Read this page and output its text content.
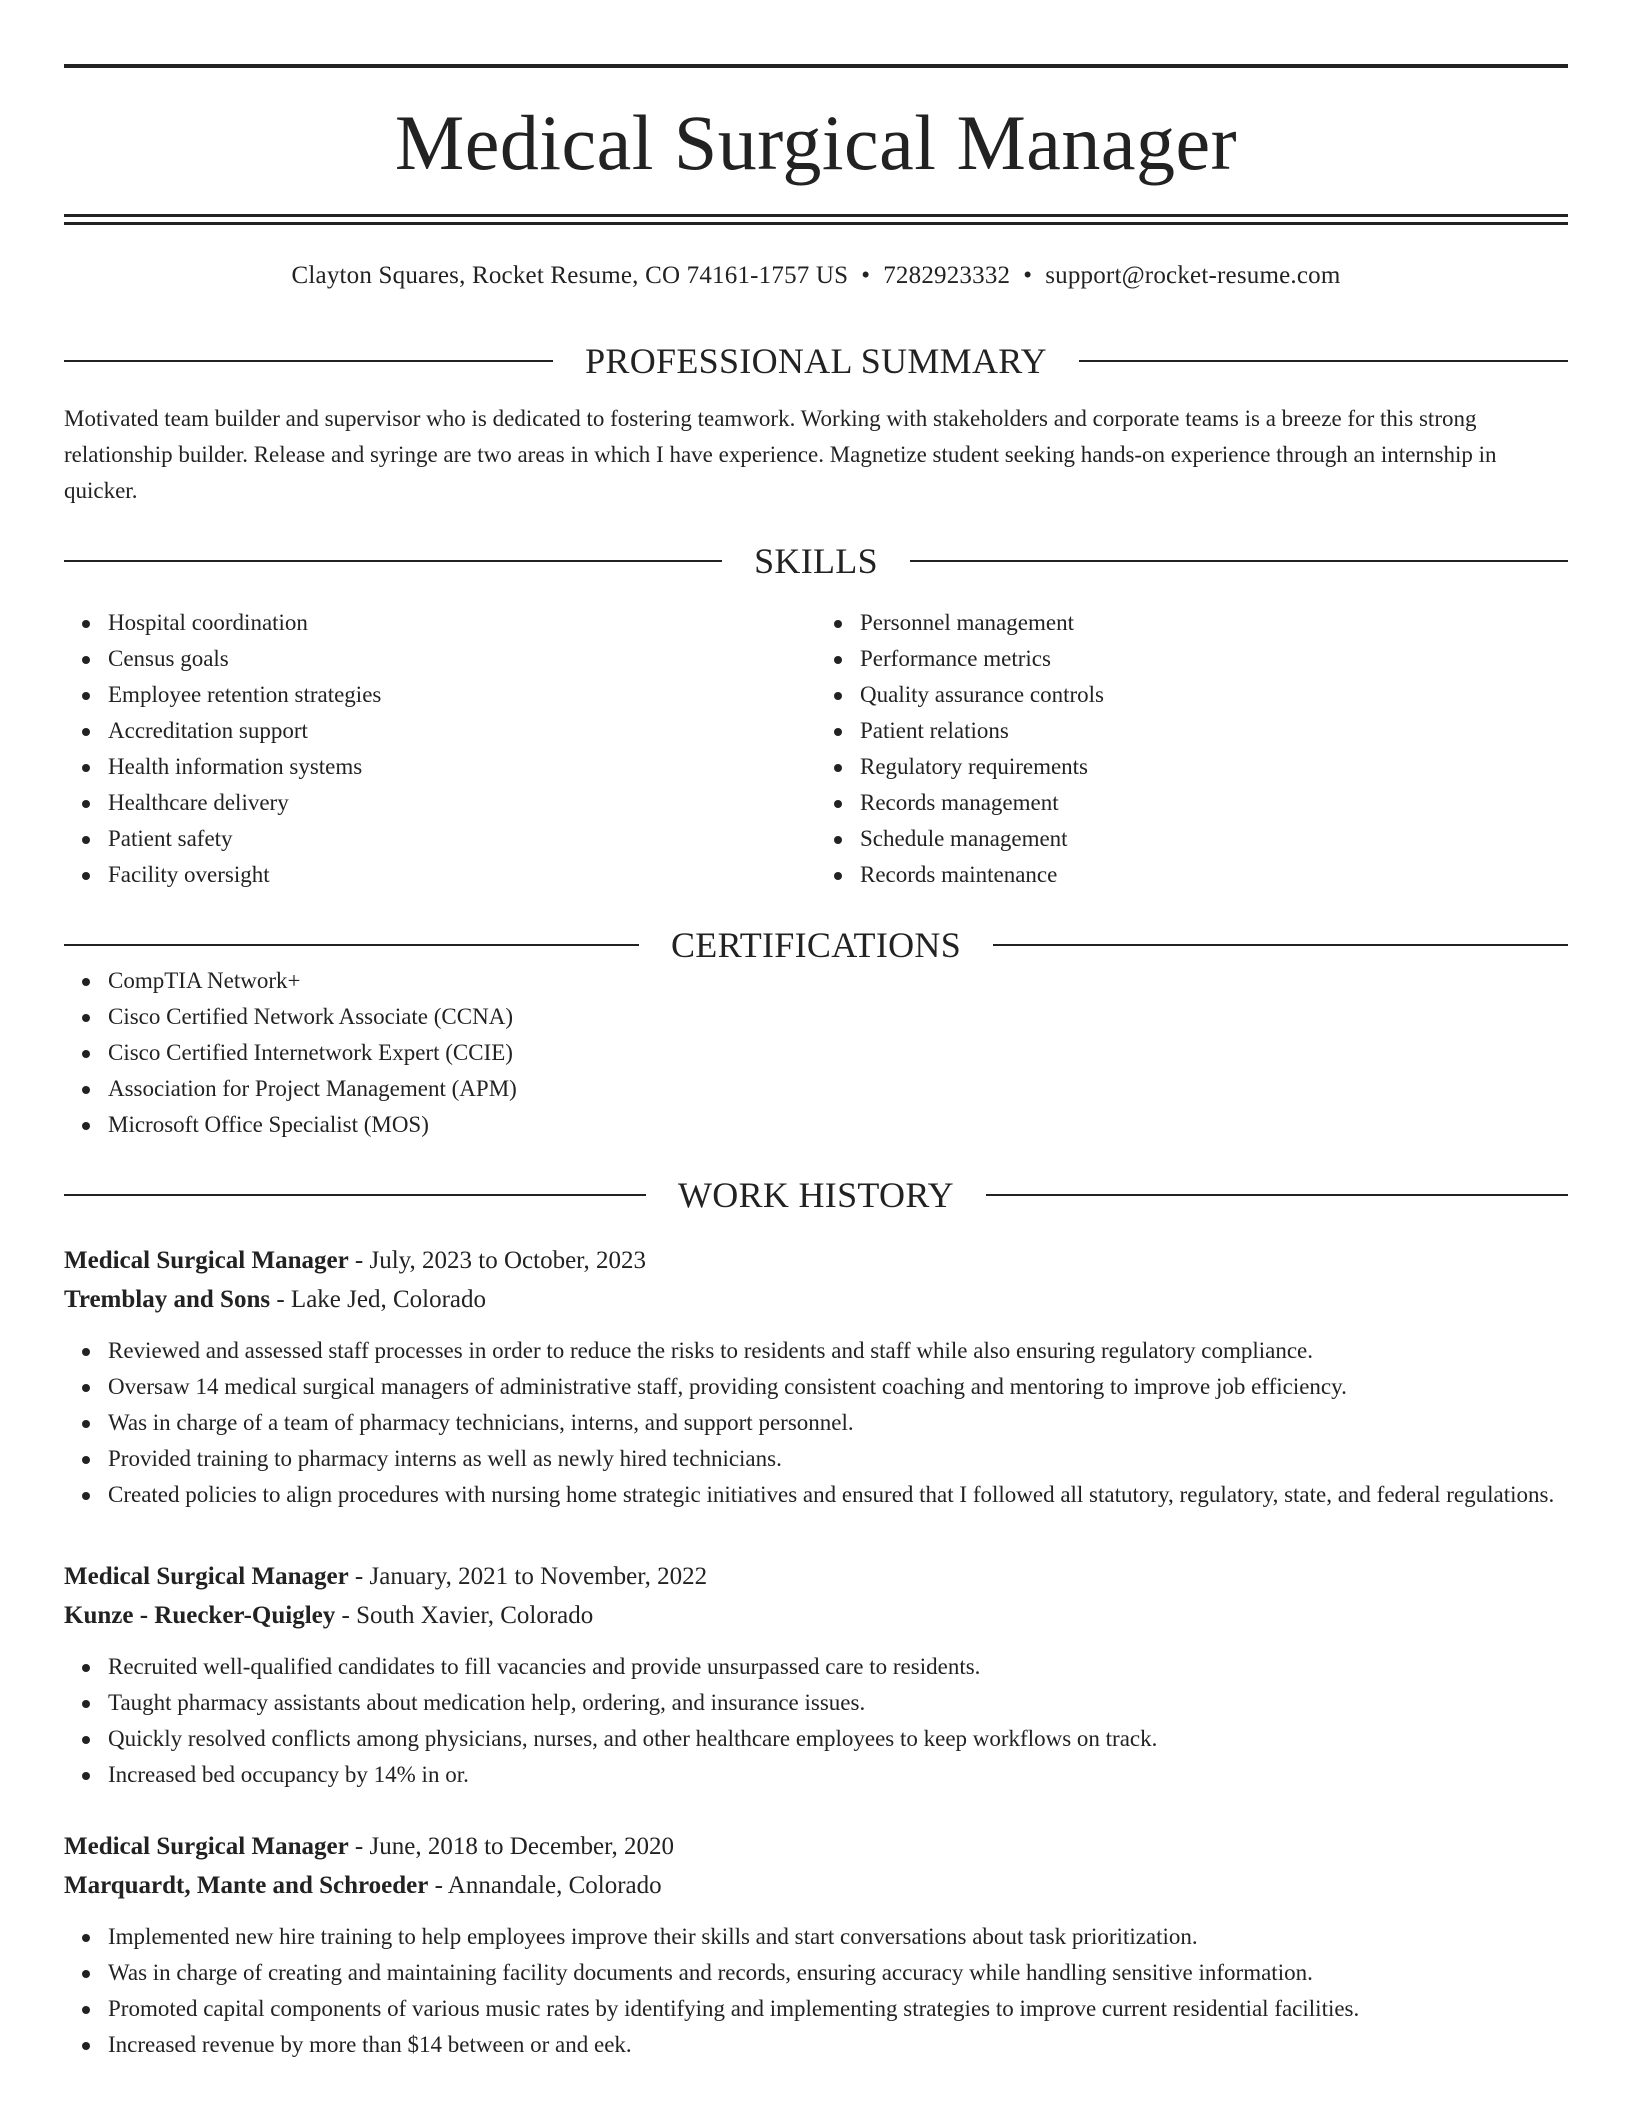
Medical Surgical Manager
Clayton Squares, Rocket Resume, CO 74161-1757 US • 7282923332 • support@rocket-resume.com
PROFESSIONAL SUMMARY
Motivated team builder and supervisor who is dedicated to fostering teamwork. Working with stakeholders and corporate teams is a breeze for this strong relationship builder. Release and syringe are two areas in which I have experience. Magnetize student seeking hands-on experience through an internship in quicker.
SKILLS
Hospital coordination
Census goals
Employee retention strategies
Accreditation support
Health information systems
Healthcare delivery
Patient safety
Facility oversight
Personnel management
Performance metrics
Quality assurance controls
Patient relations
Regulatory requirements
Records management
Schedule management
Records maintenance
CERTIFICATIONS
CompTIA Network+
Cisco Certified Network Associate (CCNA)
Cisco Certified Internetwork Expert (CCIE)
Association for Project Management (APM)
Microsoft Office Specialist (MOS)
WORK HISTORY
Medical Surgical Manager - July, 2023 to October, 2023
Tremblay and Sons - Lake Jed, Colorado
Reviewed and assessed staff processes in order to reduce the risks to residents and staff while also ensuring regulatory compliance.
Oversaw 14 medical surgical managers of administrative staff, providing consistent coaching and mentoring to improve job efficiency.
Was in charge of a team of pharmacy technicians, interns, and support personnel.
Provided training to pharmacy interns as well as newly hired technicians.
Created policies to align procedures with nursing home strategic initiatives and ensured that I followed all statutory, regulatory, state, and federal regulations.
Medical Surgical Manager - January, 2021 to November, 2022
Kunze - Ruecker-Quigley - South Xavier, Colorado
Recruited well-qualified candidates to fill vacancies and provide unsurpassed care to residents.
Taught pharmacy assistants about medication help, ordering, and insurance issues.
Quickly resolved conflicts among physicians, nurses, and other healthcare employees to keep workflows on track.
Increased bed occupancy by 14% in or.
Medical Surgical Manager - June, 2018 to December, 2020
Marquardt, Mante and Schroeder - Annandale, Colorado
Implemented new hire training to help employees improve their skills and start conversations about task prioritization.
Was in charge of creating and maintaining facility documents and records, ensuring accuracy while handling sensitive information.
Promoted capital components of various music rates by identifying and implementing strategies to improve current residential facilities.
Increased revenue by more than $14 between or and eek.
